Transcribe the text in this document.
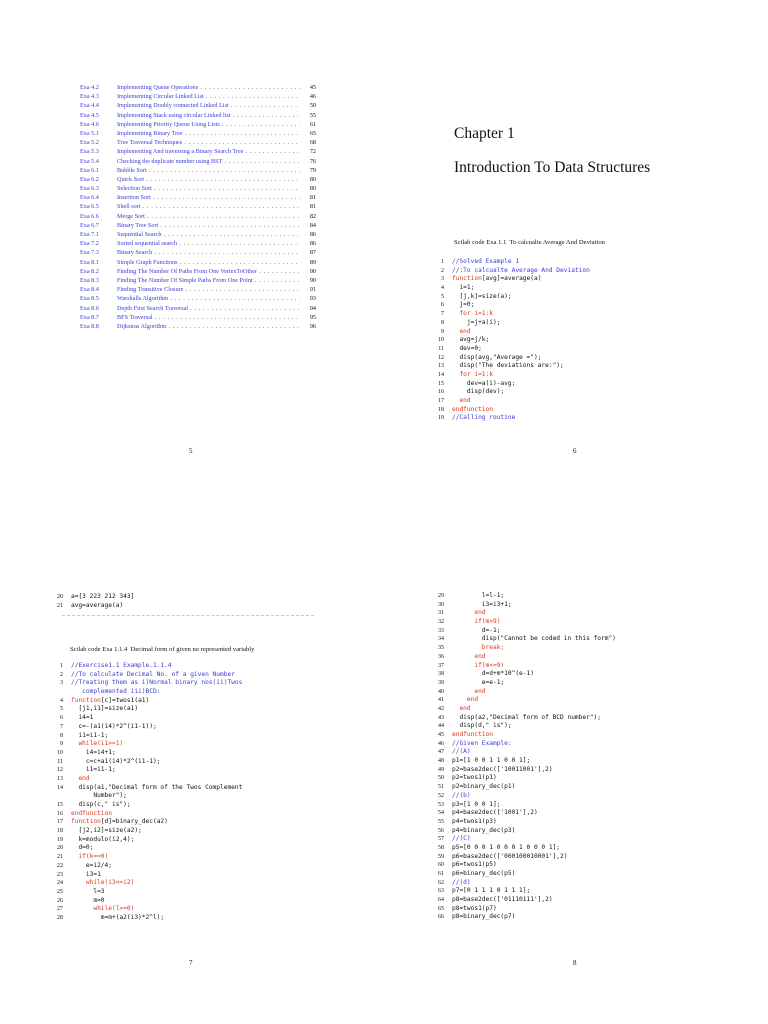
Exa 4.2	Implementing Queue Operations . . .	45
Exa 4.3	Implementing Circular Linked List . . .	46
Exa 4.4	Implementing Doubly connected Linked List . . .	50
Exa 4.5	Implementing Stack using circular Linked list . . .	55
Exa 4.6	Implementing Priority Queue Using Lists . . .	61
Exa 5.1	Implementing Binary Tree . . .	65
Exa 5.2	Tree Traversal Techniques . . .	68
Exa 5.3	Implementing And traversing a Binary Search Tree . . .	72
Exa 5.4	Checking the duplicate number using BST . . .	76
Exa 6.1	Bubble Sort . . .	79
Exa 6.2	Quick Sort . . .	80
Exa 6.3	Selection Sort . . .	80
Exa 6.4	Insertion Sort . . .	81
Exa 6.5	Shell sort . . .	81
Exa 6.6	Merge Sort . . .	82
Exa 6.7	Binary Tree Sort . . .	84
Exa 7.1	Sequential Search . . .	86
Exa 7.2	Sorted sequential search . . .	86
Exa 7.3	Binary Search . . .	87
Exa 8.1	Simple Graph Functions . . .	89
Exa 8.2	Finding The Number Of Paths From One VertexToOther . . .	90
Exa 8.3	Finding The Number Of Simple Paths From One Point . . .	90
Exa 8.4	Finding Transitive Closure . . .	91
Exa 8.5	Warshalls Algorithm . . .	93
Exa 8.6	Depth First Search Traversal . . .	94
Exa 8.7	BFS Traversal . . .	95
Exa 8.8	Dijkstras Algorithm . . .	96
5	6
Chapter 1
Introduction To Data Structures
Scilab code Exa 1.1 To calcualte Average And Deviation
1	//Solved Example 1
2	//:To calcualte Average And Deviation
3	function[avg]=average(a)
4	i=1;
5	[j,k]=size(a);
6	j=0;
7	for i=1:k
8	j=j+a(i);
9	end
10	avg=j/k;
11	dev=0;
12	disp(avg,"Average =");
13	disp("The deviations are:");
14	for i=1:k
15	dev=a(i)-avg;
16	disp(dev);
17	end
18	endfunction
19	//Calling routine
7
20	a=[3 223 212 343]
21	avg=average(a)
Scilab code Exa 1.1.4 Decimal form of given no represented variably
1	//Exercise1.1 Example.1.1.4
2	//To calculate Decimal No. of a given Number
3	//Treating them as i)Normal binary nos(ii)Twos
complemented iii)BCD:
4	function[c]=twos1(a1)
5	[j1,i1]=size(a1)
6	i4=1
7	c=-(a1(i4)*2^(i1-1));
8	i1=i1-1;
9	while(i1>=1)
10	i4=i4+1;
11	c=c+a1(i4)*2^(i1-1);
12	i1=i1-1;
13	end
14	disp(a1,"Decimal form of the Twos Complement
Number");
15	disp(c," is");
16	endfunction
17	function[d]=binary_dec(a2)
18	[j2,i2]=size(a2);
19	k=modulo(i2,4);
20	d=0;
21	if(k==0)
22	e=i2/4;
23	i3=1
24	while(i3<=i2)
25	l=3
26	m=0
27	while(l>=0)
28	m=m+(a2(i3)*2^l);
8
29	l=l-1;
30	i3=i3+1;
31	end
32	if(m>9)
33	d=-1;
34	disp("Cannot be coded in this form")
35	break;
36	end
37	if(m<=9)
38	d=d+m*10^(e-1)
39	e=e-1;
40	end
41	end
42	end
43	disp(a2,"Decimal form of BCD number");
44	disp(d," is");
45	endfunction
46	//Given Example:
47	//(A)
48	p1=[1 0 0 1 1 0 0 1];
49	p2=base2dec(['10011001'],2)
50	p2=twos1(p1)
51	p2=binary_dec(p1)
52	//(b)
53	p3=[1 0 0 1];
54	p4=base2dec(['1001'],2)
55	p4=twos1(p3)
56	p4=binary_dec(p3)
57	//(C)
58	p5=[0 0 0 1 0 0 0 1 0 0 0 1];
59	p6=base2dec(['000100010001'],2)
60	p6=twos1(p5)
61	p6=binary_dec(p5)
62	//(d)
63	p7=[0 1 1 1 0 1 1 1];
64	p8=base2dec(['01110111'],2)
65	p8=twos1(p7)
66	p8=binary_dec(p7)
